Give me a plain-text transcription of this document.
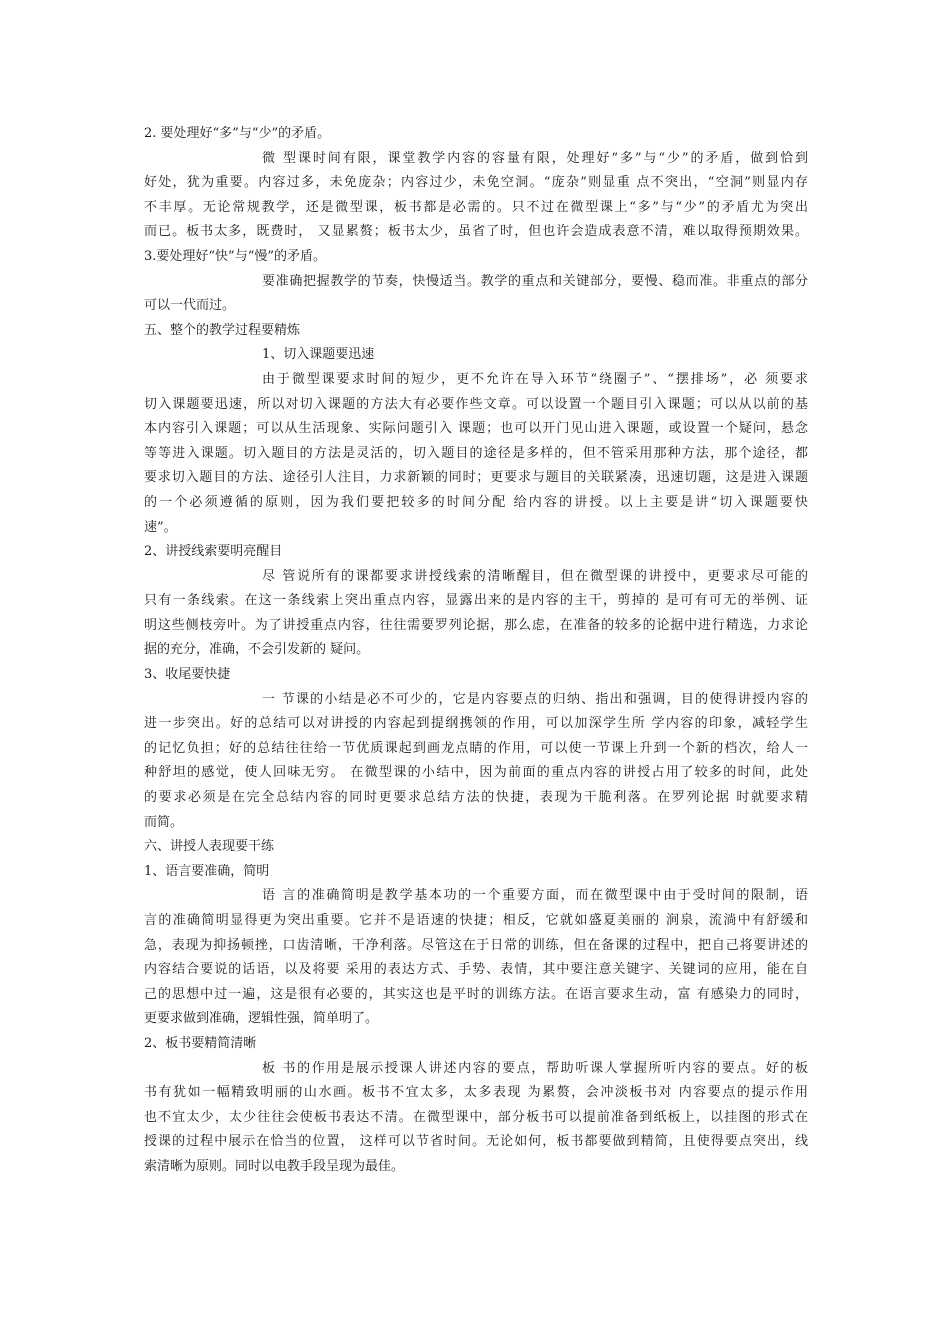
2. 要处理好“多”与“少”的矛盾。
微 型课时间有限，课堂教学内容的容量有限，处理好“多”与“少”的矛盾，做到恰到
好处，犹为重要。内容过多，未免庞杂；内容过少，未免空洞。“庞杂”则显重 点不突出，“空洞”则显内存
不丰厚。无论常规教学，还是微型课，板书都是必需的。只不过在微型课上“多”与“少”的矛盾尤为突出
而已。板书太多，既费时， 又显累赘；板书太少，虽省了时，但也许会造成表意不清，难以取得预期效果。
3.要处理好“快”与“慢”的矛盾。
要准确把握教学的节奏，快慢适当。教学的重点和关键部分，要慢、稳而准。非重点的部分
可以一代而过。
五、整个的教学过程要精炼
1、切入课题要迅速
由于微型课要求时间的短少，更不允许在导入环节“绕圈子”、“摆排场”，必 须要求
切入课题要迅速，所以对切入课题的方法大有必要作些文章。可以设置一个题目引入课题；可以从以前的基
本内容引入课题；可以从生活现象、实际问题引入 课题；也可以开门见山进入课题，或设置一个疑问，悬念
等等进入课题。切入题目的方法是灵活的，切入题目的途径是多样的，但不管采用那种方法，那个途径，都
要求切入题目的方法、途径引人注目，力求新颖的同时；更要求与题目的关联紧凑，迅速切题，这是进入课题
的一个必须遵循的原则，因为我们要把较多的时间分配 给内容的讲授。以上主要是讲“切入课题要快
速”。
2、讲授线索要明亮醒目
尽 管说所有的课都要求讲授线索的清晰醒目，但在微型课的讲授中，更要求尽可能的
只有一条线索。在这一条线索上突出重点内容，显露出来的是内容的主干，剪掉的 是可有可无的举例、证
明这些侧枝旁叶。为了讲授重点内容，往往需要罗列论据，那么虑，在准备的较多的论据中进行精选，力求论
据的充分，准确，不会引发新的 疑问。
3、收尾要快捷
一 节课的小结是必不可少的，它是内容要点的归纳、指出和强调，目的使得讲授内容的
进一步突出。好的总结可以对讲授的内容起到提纲携领的作用，可以加深学生所 学内容的印象，减轻学生
的记忆负担；好的总结往往给一节优质课起到画龙点睛的作用，可以使一节课上升到一个新的档次，给人一
种舒坦的感觉，使人回味无穷。 在微型课的小结中，因为前面的重点内容的讲授占用了较多的时间，此处
的要求必须是在完全总结内容的同时更要求总结方法的快捷，表现为干脆利落。在罗列论据 时就要求精
而简。
六、讲授人表现要干练
1、语言要准确，简明
语 言的准确简明是教学基本功的一个重要方面，而在微型课中由于受时间的限制，语
言的准确简明显得更为突出重要。它并不是语速的快捷；相反，它就如盛夏美丽的 涧泉，流淌中有舒缓和
急，表现为抑扬顿挫，口齿清晰，干净利落。尽管这在于日常的训练，但在备课的过程中，把自己将要讲述的
内容结合要说的话语，以及将要 采用的表达方式、手势、表情，其中要注意关键字、关键词的应用，能在自
己的思想中过一遍，这是很有必要的，其实这也是平时的训练方法。在语言要求生动，富 有感染力的同时，
更要求做到准确，逻辑性强，简单明了。
2、板书要精简清晰
板 书的作用是展示授课人讲述内容的要点，帮助听课人掌握所听内容的要点。好的板
书有犹如一幅精致明丽的山水画。板书不宜太多，太多表现 为累赘，会冲淡板书对 内容要点的提示作用
也不宜太少，太少往往会使板书表达不清。在微型课中，部分板书可以提前准备到纸板上，以挂图的形式在
授课的过程中展示在恰当的位置， 这样可以节省时间。无论如何，板书都要做到精简，且使得要点突出，线
索清晰为原则。同时以电教手段呈现为最佳。
